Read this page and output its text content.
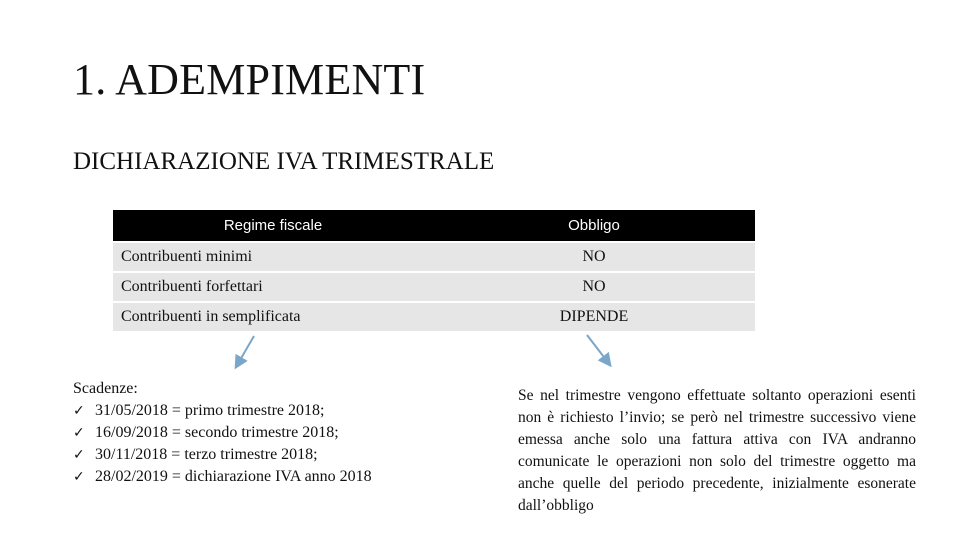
1. ADEMPIMENTI
DICHIARAZIONE IVA TRIMESTRALE
Regime fiscale	Obbligo
Contribuenti minimi	NO
Contribuenti forfettari	NO
Contribuenti in semplificata	DIPENDE
Scadenze:
✓ 31/05/2018 = primo trimestre 2018;
✓ 16/09/2018 = secondo trimestre 2018;
✓ 30/11/2018 = terzo trimestre 2018;
✓ 28/02/2019 = dichiarazione IVA anno 2018

Se nel trimestre vengono effettuate soltanto operazioni esenti non è richiesto l’invio; se però nel trimestre successivo viene emessa anche solo una fattura attiva con IVA andranno comunicate le operazioni non solo del trimestre oggetto ma anche quelle del periodo precedente, inizialmente esonerate dall’obbligo
